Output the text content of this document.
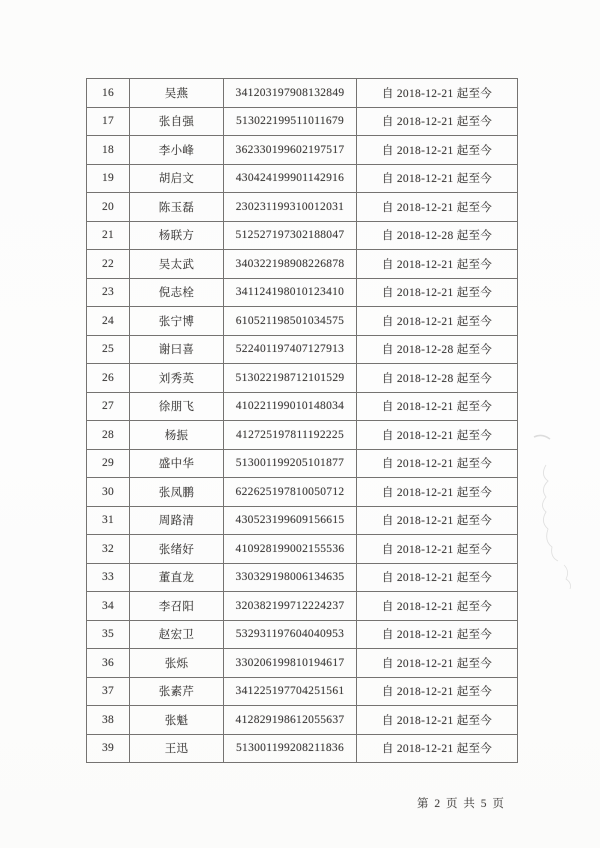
16	吴燕	341203197908132849	自 2018-12-21 起至今
17	张自强	513022199511011679	自 2018-12-21 起至今
18	李小峰	362330199602197517	自 2018-12-21 起至今
19	胡启文	430424199901142916	自 2018-12-21 起至今
20	陈玉磊	230231199310012031	自 2018-12-21 起至今
21	杨联方	512527197302188047	自 2018-12-28 起至今
22	吴太武	340322198908226878	自 2018-12-21 起至今
23	倪志栓	341124198010123410	自 2018-12-21 起至今
24	张宁博	610521198501034575	自 2018-12-21 起至今
25	谢曰喜	522401197407127913	自 2018-12-28 起至今
26	刘秀英	513022198712101529	自 2018-12-28 起至今
27	徐朋飞	410221199010148034	自 2018-12-21 起至今
28	杨振	412725197811192225	自 2018-12-21 起至今
29	盛中华	513001199205101877	自 2018-12-21 起至今
30	张凤鹏	622625197810050712	自 2018-12-21 起至今
31	周路清	430523199609156615	自 2018-12-21 起至今
32	张绪好	410928199002155536	自 2018-12-21 起至今
33	董直龙	330329198006134635	自 2018-12-21 起至今
34	李召阳	320382199712224237	自 2018-12-21 起至今
35	赵宏卫	532931197604040953	自 2018-12-21 起至今
36	张烁	330206199810194617	自 2018-12-21 起至今
37	张素芹	341225197704251561	自 2018-12-21 起至今
38	张魁	412829198612055637	自 2018-12-21 起至今
39	王迅	513001199208211836	自 2018-12-21 起至今
第 2 页 共 5 页
